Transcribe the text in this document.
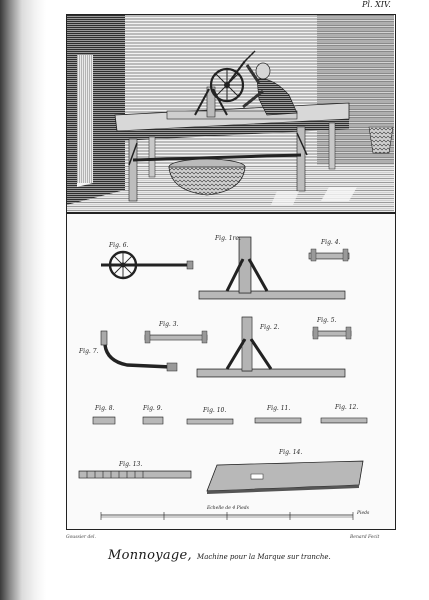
Pl. XIV.
Fig. 6.
Fig. 1re.
Fig. 4.
Fig. 3.	Fig. 2.
Fig. 5.
Fig. 7.
Fig. 8.	Fig. 9.	Fig. 10.	Fig. 11.	Fig. 12.
Fig. 13.
Fig. 14.
Echelle de 4 Pieds
Pieds
Goussier del.	Benard Fecit
Monnoyage, Machine pour la Marque sur tranche.
